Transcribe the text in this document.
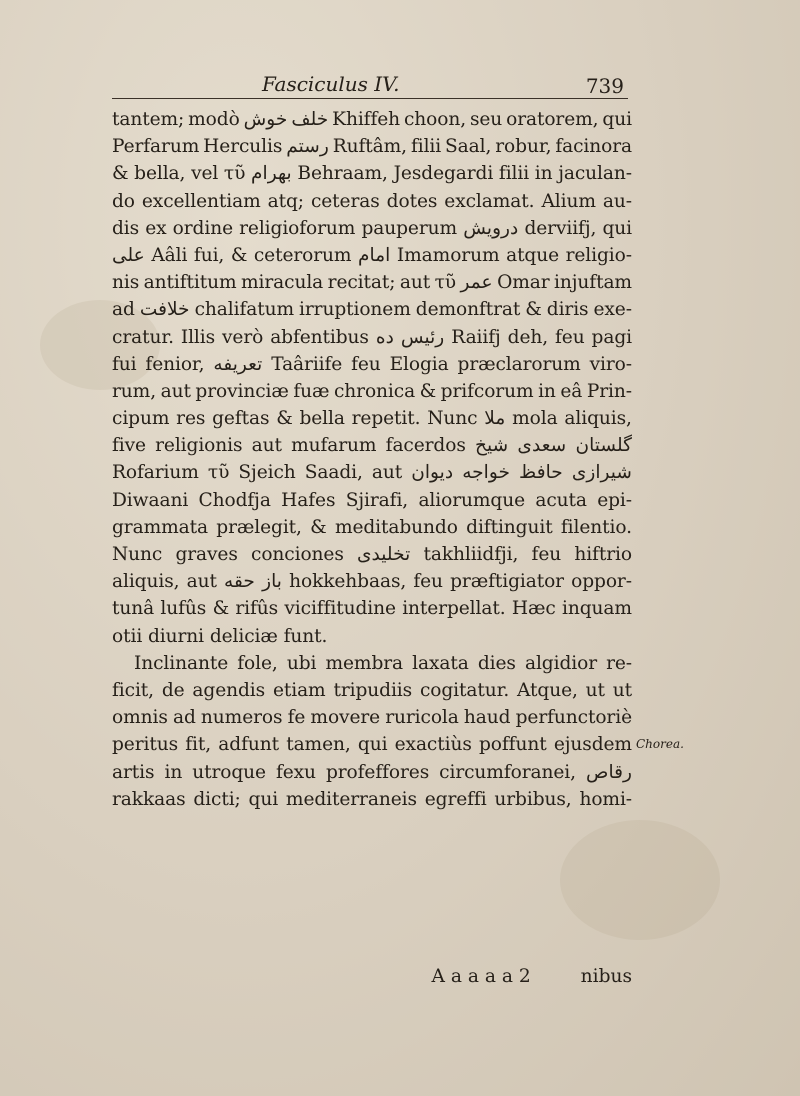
Fasciculus IV.	739
tantem; modò خوش خلف Khiffeh choon, seu oratorem, qui
Perfarum Herculis رستم Ruftâm, filii Saal, robur, facinora
& bella, vel τῦ بهرام Behraam, Jesdegardi filii in jaculan-
do excellentiam atq; ceteras dotes exclamat. Alium au-
dis ex ordine religioforum pauperum درويش derviifj, qui
على Aâli fui, & ceterorum امام Imamorum atque religio-
nis antiftitum miracula recitat; aut τῦ عمر Omar injuftam
ad خلافت chalifatum irruptionem demonftrat & diris exe-
cratur. Illis verò abfentibus ده رئيس Raiifj deh, feu pagi
fui fenior, تعريفه Taâriife feu Elogia præclarorum viro-
rum, aut provinciæ fuæ chronica & prifcorum in eâ Prin-
cipum res geftas & bella repetit. Nunc ملا mola aliquis,
five religionis aut mufarum facerdos شيخ سعدى گلستان
Rofarium τῦ Sjeich Saadi, aut ديوان خواجه حافظ شيرازى
Diwaani Chodfja Hafes Sjirafi, aliorumque acuta epi-
grammata prælegit, & meditabundo diftinguit filentio.
Nunc graves conciones تخليدى takhliidfji, feu hiftrio
aliquis, aut حقه باز hokkehbaas, feu præftigiator oppor-
tunâ lufûs & rifûs viciffitudine interpellat. Hæc inquam
otii diurni deliciæ funt.
Inclinante fole, ubi membra laxata dies algidior re-
ficit, de agendis etiam tripudiis cogitatur. Atque, ut ut
omnis ad numeros fe movere ruricola haud perfunctoriè
peritus fit, adfunt tamen, qui exactiùs poffunt ejusdem
artis in utroque fexu profeffores circumforanei, رقاص
rakkaas dicti; qui mediterraneis egreffi urbibus, homi-
Chorea.
A a a a a 2	nibus
